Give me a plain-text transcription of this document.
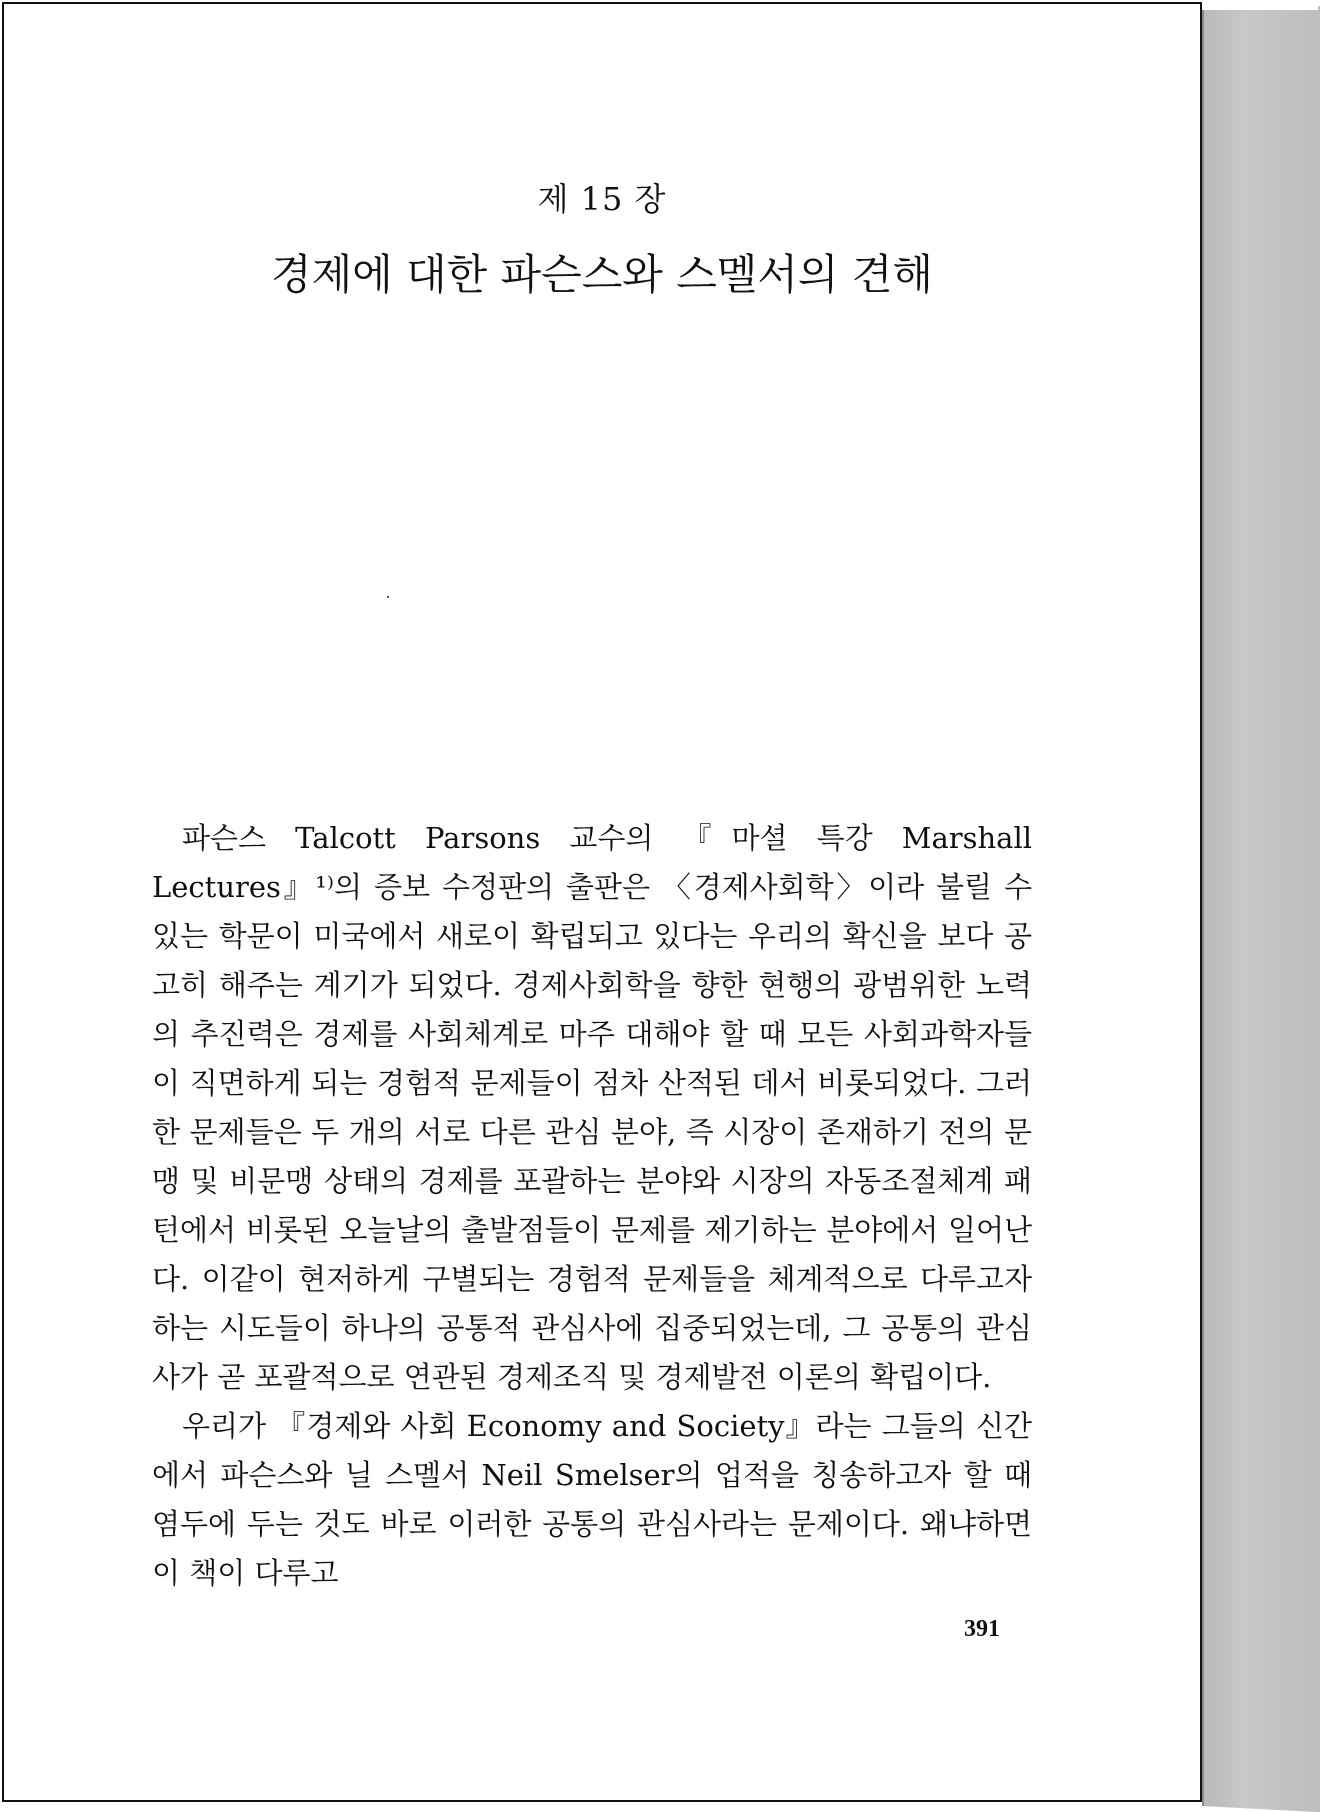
제 15 장
경제에 대한 파슨스와 스멜서의 견해

파슨스 Talcott Parsons 교수의 『마셜 특강 Marshall Lectures』¹⁾의 증보 수정판의 출판은 〈경제사회학〉이라 불릴 수 있는 학문이 미국에서 새로이 확립되고 있다는 우리의 확신을 보다 공고히 해주는 계기가 되었다. 경제사회학을 향한 현행의 광범위한 노력의 추진력은 경제를 사회체계로 마주 대해야 할 때 모든 사회과학자들이 직면하게 되는 경험적 문제들이 점차 산적된 데서 비롯되었다. 그러한 문제들은 두 개의 서로 다른 관심 분야, 즉 시장이 존재하기 전의 문맹 및 비문맹 상태의 경제를 포괄하는 분야와 시장의 자동조절체계 패턴에서 비롯된 오늘날의 출발점들이 문제를 제기하는 분야에서 일어난다. 이같이 현저하게 구별되는 경험적 문제들을 체계적으로 다루고자 하는 시도들이 하나의 공통적 관심사에 집중되었는데, 그 공통의 관심사가 곧 포괄적으로 연관된 경제조직 및 경제발전 이론의 확립이다.

우리가 『경제와 사회 Economy and Society』라는 그들의 신간에서 파슨스와 닐 스멜서 Neil Smelser의 업적을 칭송하고자 할 때 염두에 두는 것도 바로 이러한 공통의 관심사라는 문제이다. 왜냐하면 이 책이 다루고

391
